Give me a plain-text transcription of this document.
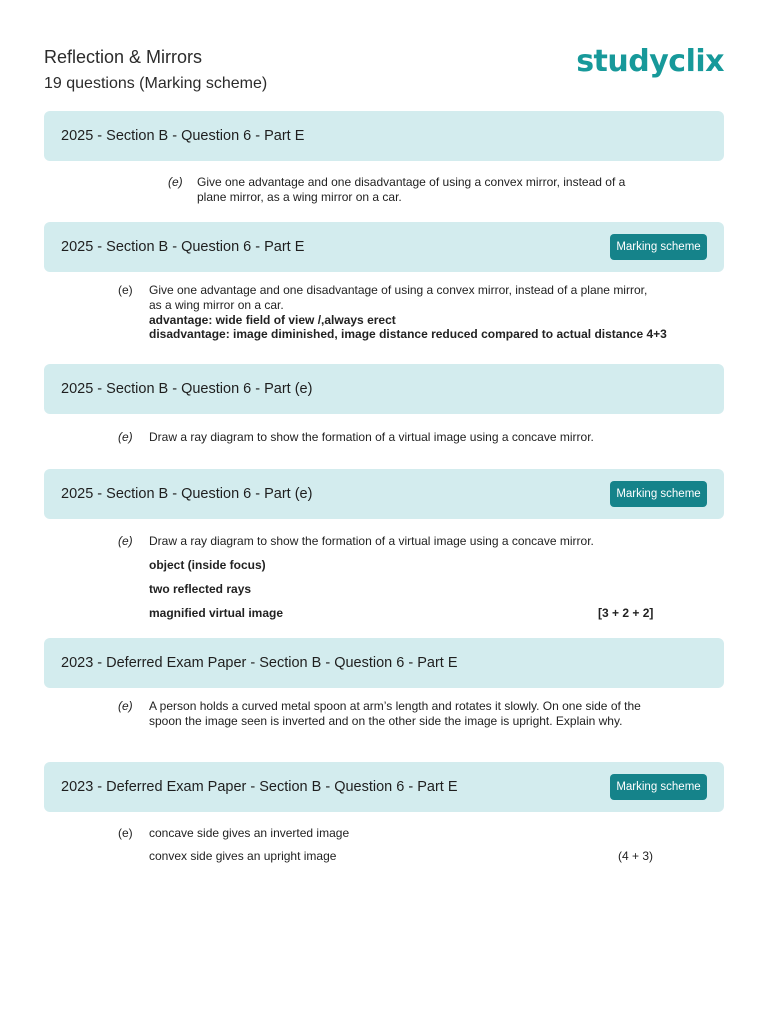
Reflection & Mirrors
19 questions (Marking scheme)
studyclix
2025 - Section B - Question 6 - Part E
(e) Give one advantage and one disadvantage of using a convex mirror, instead of a plane mirror, as a wing mirror on a car.
2025 - Section B - Question 6 - Part E	Marking scheme
(e) Give one advantage and one disadvantage of using a convex mirror, instead of a plane mirror, as a wing mirror on a car.
advantage: wide field of view /,always erect
disadvantage: image diminished, image distance reduced compared to actual distance 4+3
2025 - Section B - Question 6 - Part (e)
(e) Draw a ray diagram to show the formation of a virtual image using a concave mirror.
2025 - Section B - Question 6 - Part (e)	Marking scheme
(e) Draw a ray diagram to show the formation of a virtual image using a concave mirror.
object (inside focus)
two reflected rays
magnified virtual image	[3 + 2 + 2]
2023 - Deferred Exam Paper - Section B - Question 6 - Part E
(e) A person holds a curved metal spoon at arm’s length and rotates it slowly. On one side of the spoon the image seen is inverted and on the other side the image is upright. Explain why.
2023 - Deferred Exam Paper - Section B - Question 6 - Part E	Marking scheme
(e) concave side gives an inverted image
convex side gives an upright image	(4 + 3)
